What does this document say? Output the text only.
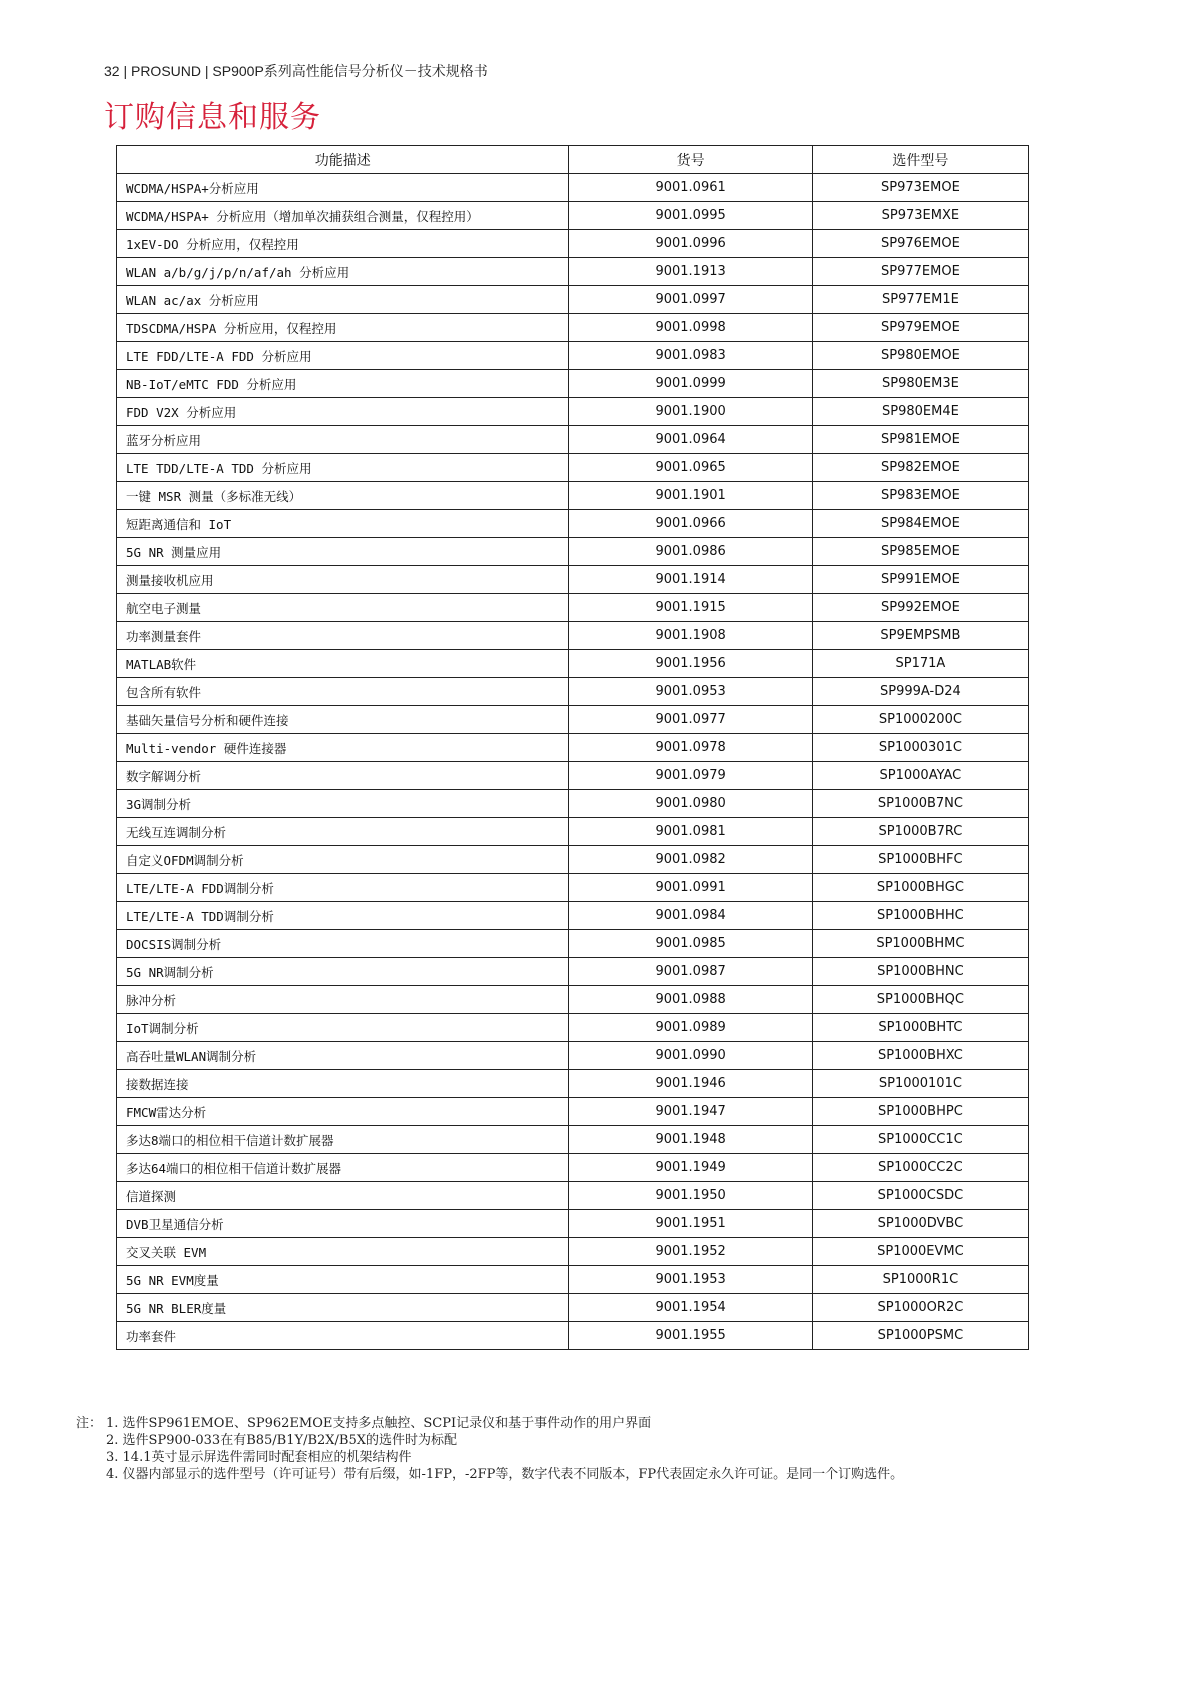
32 | PROSUND | SP900P系列高性能信号分析仪－技术规格书
订购信息和服务
功能描述	货号	选件型号
WCDMA/HSPA+分析应用	9001.0961	SP973EMOE
WCDMA/HSPA+ 分析应用（增加单次捕获组合测量，仅程控用）	9001.0995	SP973EMXE
1xEV-DO 分析应用，仅程控用	9001.0996	SP976EMOE
WLAN a/b/g/j/p/n/af/ah 分析应用	9001.1913	SP977EMOE
WLAN ac/ax 分析应用	9001.0997	SP977EM1E
TDSCDMA/HSPA 分析应用，仅程控用	9001.0998	SP979EMOE
LTE FDD/LTE-A FDD 分析应用	9001.0983	SP980EMOE
NB-IoT/eMTC FDD 分析应用	9001.0999	SP980EM3E
FDD V2X 分析应用	9001.1900	SP980EM4E
蓝牙分析应用	9001.0964	SP981EMOE
LTE TDD/LTE-A TDD 分析应用	9001.0965	SP982EMOE
一键 MSR 测量（多标准无线）	9001.1901	SP983EMOE
短距离通信和 IoT	9001.0966	SP984EMOE
5G NR 测量应用	9001.0986	SP985EMOE
测量接收机应用	9001.1914	SP991EMOE
航空电子测量	9001.1915	SP992EMOE
功率测量套件	9001.1908	SP9EMPSMB
MATLAB软件	9001.1956	SP171A
包含所有软件	9001.0953	SP999A-D24
基础矢量信号分析和硬件连接	9001.0977	SP1000200C
Multi-vendor 硬件连接器	9001.0978	SP1000301C
数字解调分析	9001.0979	SP1000AYAC
3G调制分析	9001.0980	SP1000B7NC
无线互连调制分析	9001.0981	SP1000B7RC
自定义OFDM调制分析	9001.0982	SP1000BHFC
LTE/LTE-A FDD调制分析	9001.0991	SP1000BHGC
LTE/LTE-A TDD调制分析	9001.0984	SP1000BHHC
DOCSIS调制分析	9001.0985	SP1000BHMC
5G NR调制分析	9001.0987	SP1000BHNC
脉冲分析	9001.0988	SP1000BHQC
IoT调制分析	9001.0989	SP1000BHTC
高吞吐量WLAN调制分析	9001.0990	SP1000BHXC
接数据连接	9001.1946	SP1000101C
FMCW雷达分析	9001.1947	SP1000BHPC
多达8端口的相位相干信道计数扩展器	9001.1948	SP1000CC1C
多达64端口的相位相干信道计数扩展器	9001.1949	SP1000CC2C
信道探测	9001.1950	SP1000CSDC
DVB卫星通信分析	9001.1951	SP1000DVBC
交叉关联 EVM	9001.1952	SP1000EVMC
5G NR EVM度量	9001.1953	SP1000R1C
5G NR BLER度量	9001.1954	SP1000OR2C
功率套件	9001.1955	SP1000PSMC
注： 1. 选件SP961EMOE、SP962EMOE支持多点触控、SCPI记录仪和基于事件动作的用户界面
2. 选件SP900-033在有B85/B1Y/B2X/B5X的选件时为标配
3. 14.1英寸显示屏选件需同时配套相应的机架结构件
4. 仪器内部显示的选件型号（许可证号）带有后缀，如-1FP，-2FP等，数字代表不同版本，FP代表固定永久许可证。是同一个订购选件。
